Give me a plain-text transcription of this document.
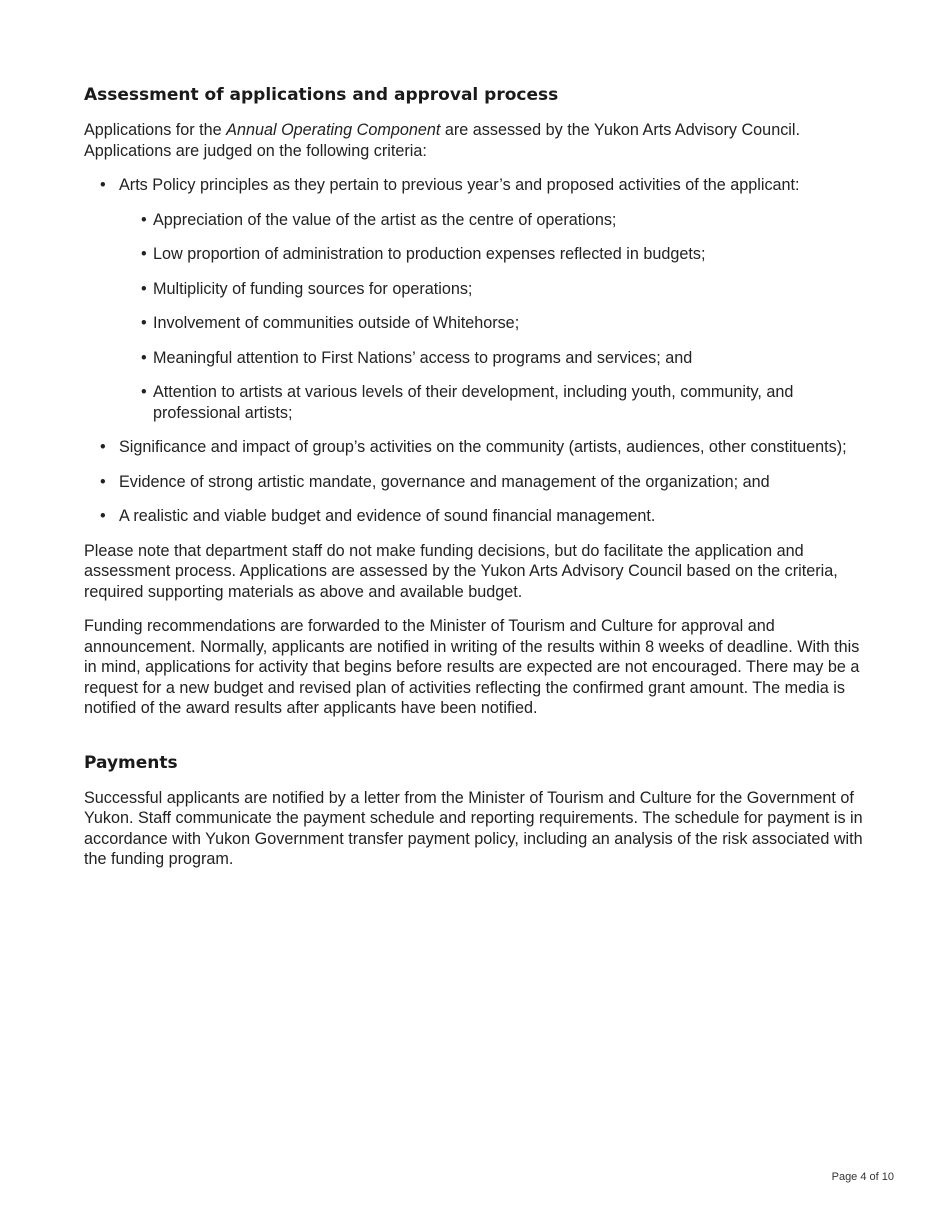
Assessment of applications and approval process

Applications for the Annual Operating Component are assessed by the Yukon Arts Advisory Council. Applications are judged on the following criteria:

• Arts Policy principles as they pertain to previous year’s and proposed activities of the applicant:
• Appreciation of the value of the artist as the centre of operations;
• Low proportion of administration to production expenses reflected in budgets;
• Multiplicity of funding sources for operations;
• Involvement of communities outside of Whitehorse;
• Meaningful attention to First Nations’ access to programs and services; and
• Attention to artists at various levels of their development, including youth, community, and professional artists;
• Significance and impact of group’s activities on the community (artists, audiences, other constituents);
• Evidence of strong artistic mandate, governance and management of the organization; and
• A realistic and viable budget and evidence of sound financial management.

Please note that department staff do not make funding decisions, but do facilitate the application and assessment process. Applications are assessed by the Yukon Arts Advisory Council based on the criteria, required supporting materials as above and available budget.

Funding recommendations are forwarded to the Minister of Tourism and Culture for approval and announcement. Normally, applicants are notified in writing of the results within 8 weeks of deadline. With this in mind, applications for activity that begins before results are expected are not encouraged. There may be a request for a new budget and revised plan of activities reflecting the confirmed grant amount. The media is notified of the award results after applicants have been notified.

Payments

Successful applicants are notified by a letter from the Minister of Tourism and Culture for the Government of Yukon. Staff communicate the payment schedule and reporting requirements. The schedule for payment is in accordance with Yukon Government transfer payment policy, including an analysis of the risk associated with the funding program.

Page 4 of 10
